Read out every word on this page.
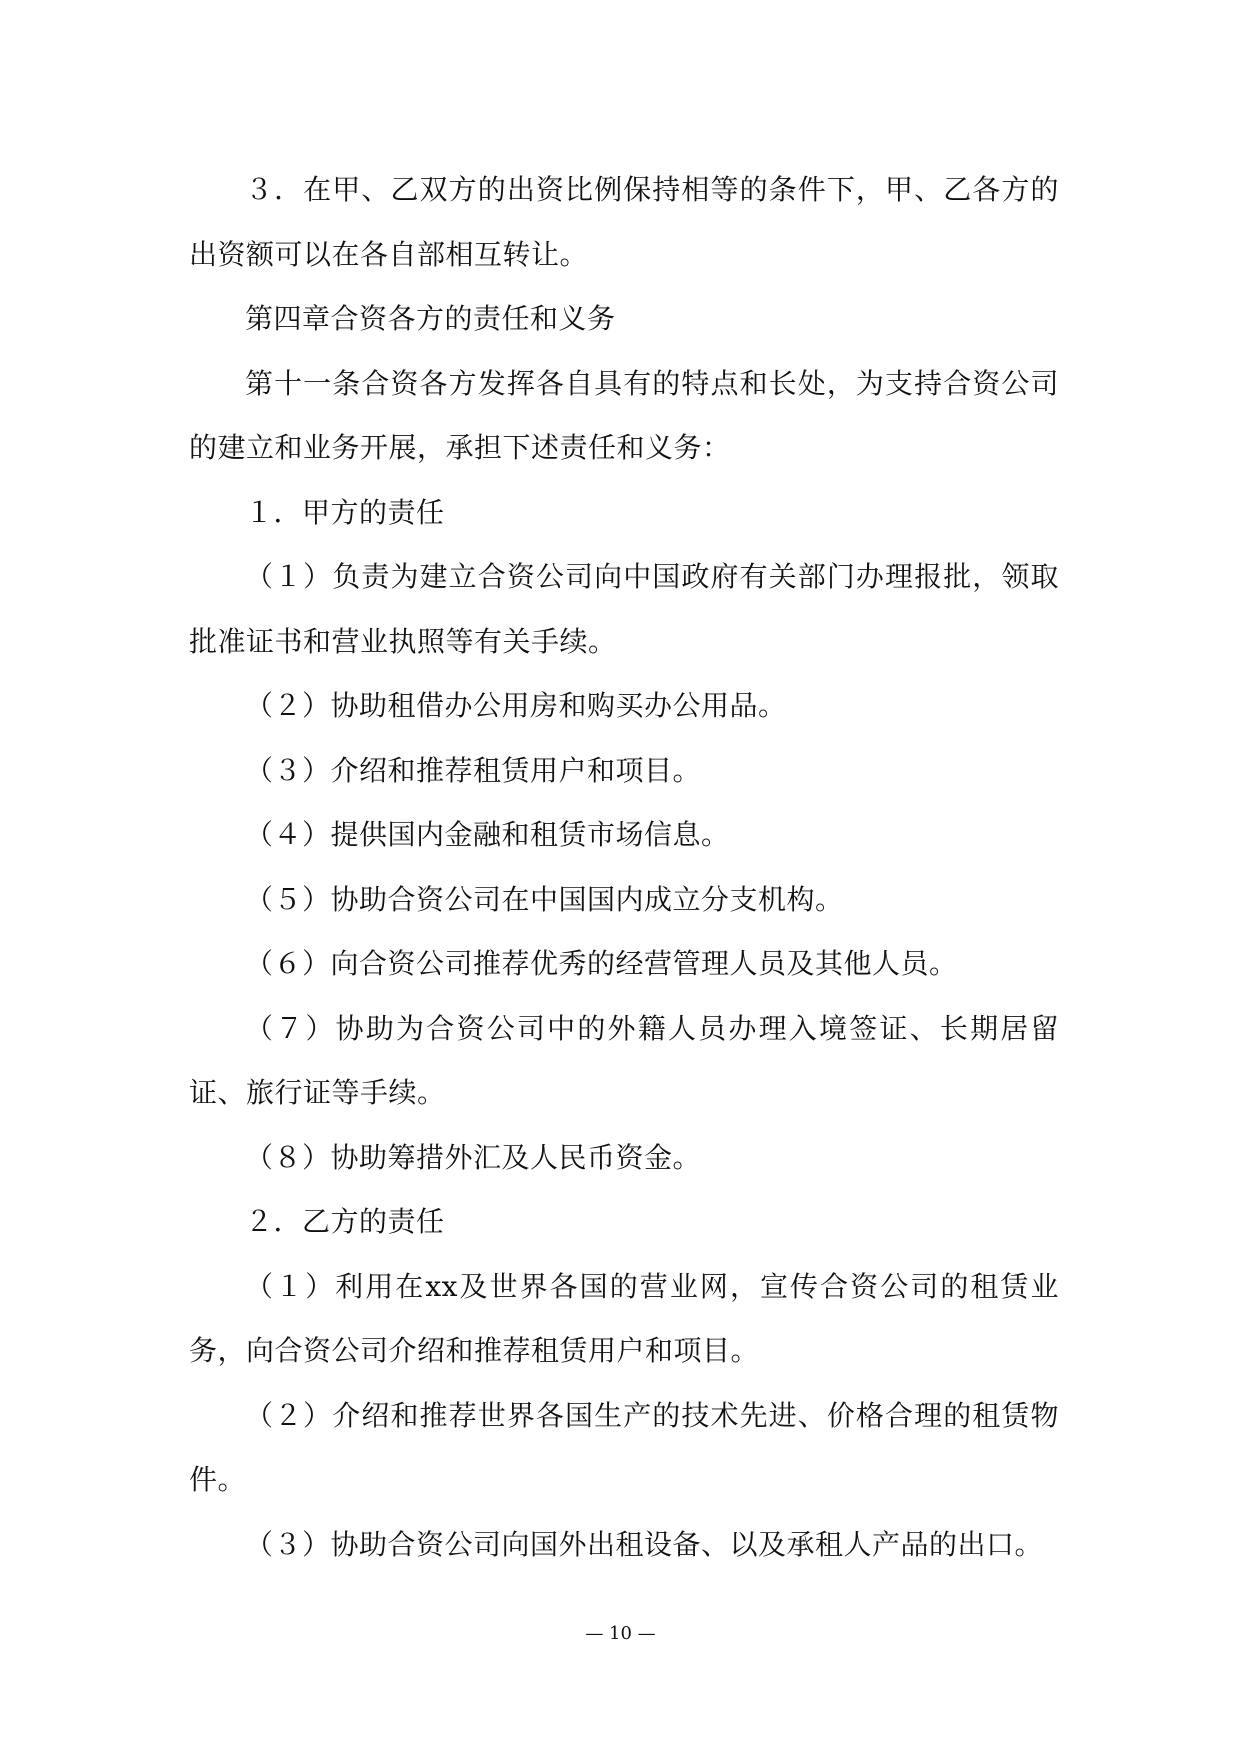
３．在甲、乙双方的出资比例保持相等的条件下，甲、乙各方的出资额可以在各自部相互转让。

第四章合资各方的责任和义务

第十一条合资各方发挥各自具有的特点和长处，为支持合资公司的建立和业务开展，承担下述责任和义务：

１．甲方的责任

（１）负责为建立合资公司向中国政府有关部门办理报批，领取批准证书和营业执照等有关手续。

（２）协助租借办公用房和购买办公用品。

（３）介绍和推荐租赁用户和项目。

（４）提供国内金融和租赁市场信息。

（５）协助合资公司在中国国内成立分支机构。

（６）向合资公司推荐优秀的经营管理人员及其他人员。

（７）协助为合资公司中的外籍人员办理入境签证、长期居留证、旅行证等手续。

（８）协助筹措外汇及人民币资金。

２．乙方的责任

（１）利用在xx及世界各国的营业网，宣传合资公司的租赁业务，向合资公司介绍和推荐租赁用户和项目。

（２）介绍和推荐世界各国生产的技术先进、价格合理的租赁物件。

（３）协助合资公司向国外出租设备、以及承租人产品的出口。

— 10 —
